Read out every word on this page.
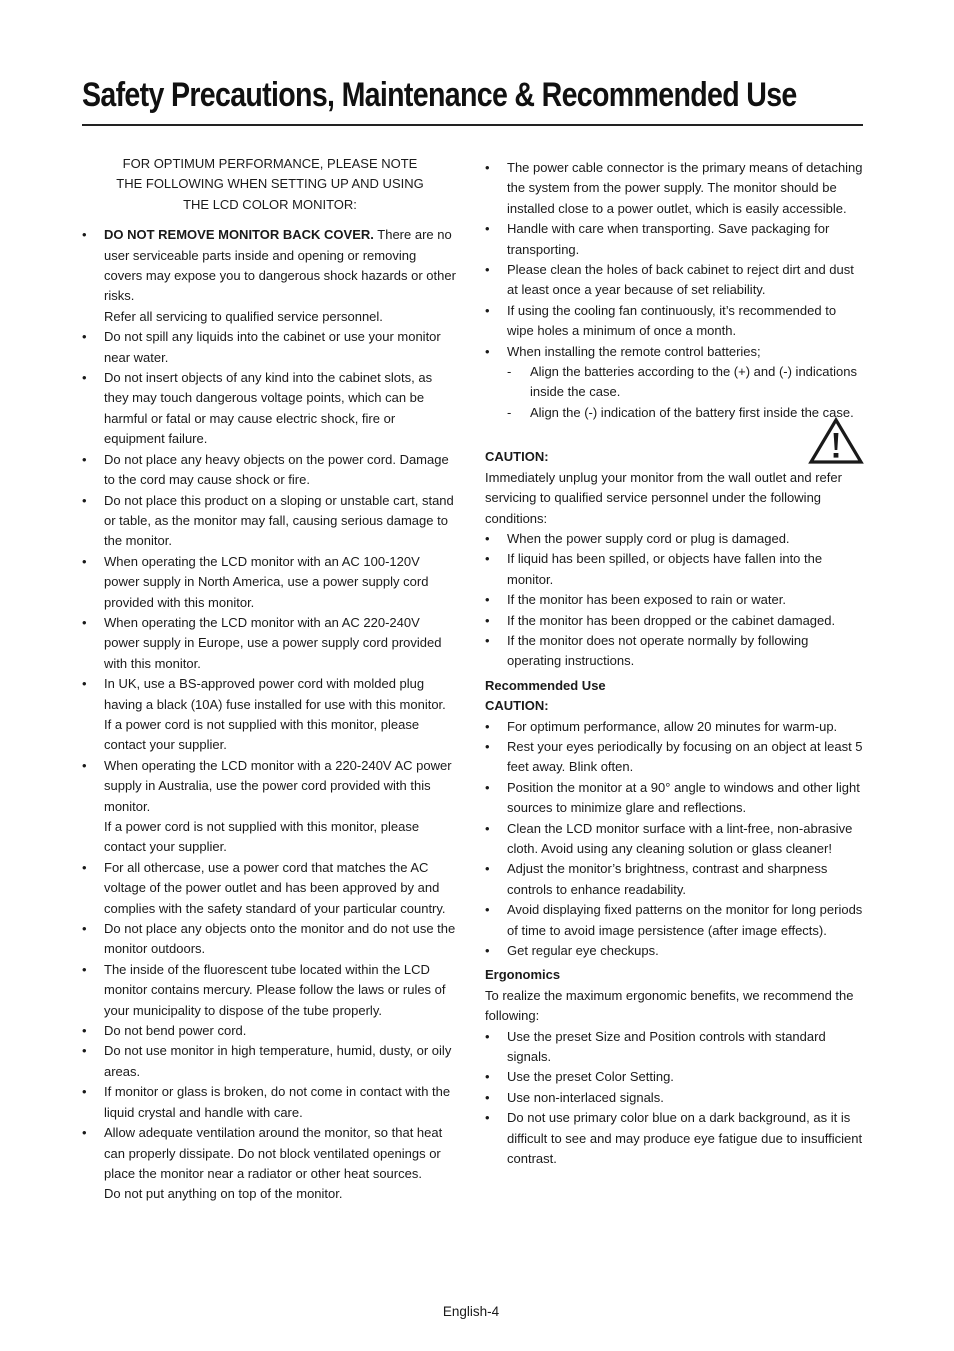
Safety Precautions, Maintenance & Recommended Use
FOR OPTIMUM PERFORMANCE, PLEASE NOTE
THE FOLLOWING WHEN SETTING UP AND USING
THE LCD COLOR MONITOR:
• DO NOT REMOVE MONITOR BACK COVER. There are no user serviceable parts inside and opening or removing covers may expose you to dangerous shock hazards or other risks.
Refer all servicing to qualified service personnel.
• Do not spill any liquids into the cabinet or use your monitor near water.
• Do not insert objects of any kind into the cabinet slots, as they may touch dangerous voltage points, which can be harmful or fatal or may cause electric shock, fire or equipment failure.
• Do not place any heavy objects on the power cord. Damage to the cord may cause shock or fire.
• Do not place this product on a sloping or unstable cart, stand or table, as the monitor may fall, causing serious damage to the monitor.
• When operating the LCD monitor with an AC 100-120V power supply in North America, use a power supply cord provided with this monitor.
• When operating the LCD monitor with an AC 220-240V power supply in Europe, use a power supply cord provided with this monitor.
• In UK, use a BS-approved power cord with molded plug having a black (10A) fuse installed for use with this monitor.
If a power cord is not supplied with this monitor, please contact your supplier.
• When operating the LCD monitor with a 220-240V AC power supply in Australia, use the power cord provided with this monitor.
If a power cord is not supplied with this monitor, please contact your supplier.
• For all othercase, use a power cord that matches the AC voltage of the power outlet and has been approved by and complies with the safety standard of your particular country.
• Do not place any objects onto the monitor and do not use the monitor outdoors.
• The inside of the fluorescent tube located within the LCD monitor contains mercury. Please follow the laws or rules of your municipality to dispose of the tube properly.
• Do not bend power cord.
• Do not use monitor in high temperature, humid, dusty, or oily areas.
• If monitor or glass is broken, do not come in contact with the liquid crystal and handle with care.
• Allow adequate ventilation around the monitor, so that heat can properly dissipate. Do not block ventilated openings or place the monitor near a radiator or other heat sources.
Do not put anything on top of the monitor.
• The power cable connector is the primary means of detaching the system from the power supply. The monitor should be installed close to a power outlet, which is easily accessible.
• Handle with care when transporting. Save packaging for transporting.
• Please clean the holes of back cabinet to reject dirt and dust at least once a year because of set reliability.
• If using the cooling fan continuously, it’s recommended to wipe holes a minimum of once a month.
• When installing the remote control batteries;
- Align the batteries according to the (+) and (-) indications inside the case.
- Align the (-) indication of the battery first inside the case.
CAUTION:

Immediately unplug your monitor from the wall outlet and refer servicing to qualified service personnel under the following conditions:

• When the power supply cord or plug is damaged.
• If liquid has been spilled, or objects have fallen into the monitor.
• If the monitor has been exposed to rain or water.
• If the monitor has been dropped or the cabinet damaged.
• If the monitor does not operate normally by following operating instructions.
Recommended Use
CAUTION:
• For optimum performance, allow 20 minutes for warm-up.
• Rest your eyes periodically by focusing on an object at least 5 feet away. Blink often.
• Position the monitor at a 90° angle to windows and other light sources to minimize glare and reflections.
• Clean the LCD monitor surface with a lint-free, non-abrasive cloth. Avoid using any cleaning solution or glass cleaner!
• Adjust the monitor’s brightness, contrast and sharpness controls to enhance readability.
• Avoid displaying fixed patterns on the monitor for long periods of time to avoid image persistence (after image effects).
• Get regular eye checkups.
Ergonomics

To realize the maximum ergonomic benefits, we recommend the following:

• Use the preset Size and Position controls with standard signals.
• Use the preset Color Setting.
• Use non-interlaced signals.
• Do not use primary color blue on a dark background, as it is difficult to see and may produce eye fatigue due to insufficient contrast.
English-4
